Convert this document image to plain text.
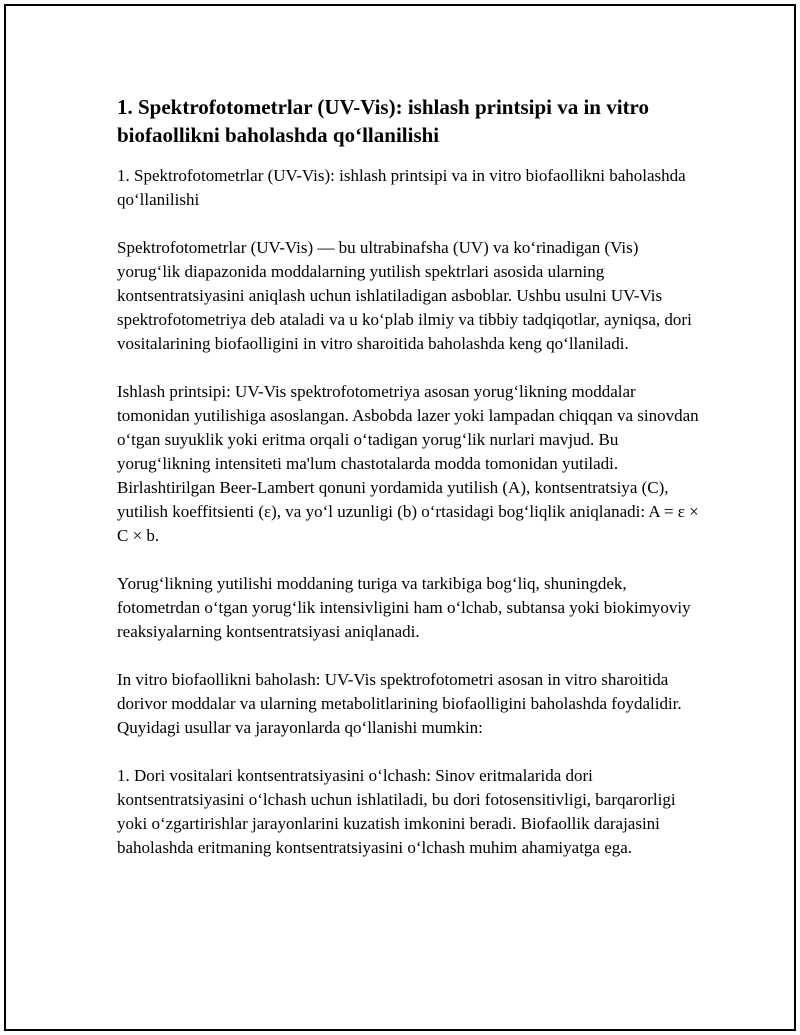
1. Spektrofotometrlar (UV-Vis): ishlash printsipi va in vitro biofaollikni baholashda qo‘llanilishi

1. Spektrofotometrlar (UV-Vis): ishlash printsipi va in vitro biofaollikni baholashda qo‘llanilishi

Spektrofotometrlar (UV-Vis) — bu ultrabinafsha (UV) va ko‘rinadigan (Vis) yorug‘lik diapazonida moddalarning yutilish spektrlari asosida ularning kontsentratsiyasini aniqlash uchun ishlatiladigan asboblar. Ushbu usulni UV-Vis spektrofotometriya deb ataladi va u ko‘plab ilmiy va tibbiy tadqiqotlar, ayniqsa, dori vositalarining biofaolligini in vitro sharoitida baholashda keng qo‘llaniladi.

Ishlash printsipi: UV-Vis spektrofotometriya asosan yorug‘likning moddalar tomonidan yutilishiga asoslangan. Asbobda lazer yoki lampadan chiqqan va sinovdan o‘tgan suyuklik yoki eritma orqali o‘tadigan yorug‘lik nurlari mavjud. Bu yorug‘likning intensiteti ma'lum chastotalarda modda tomonidan yutiladi. Birlashtirilgan Beer-Lambert qonuni yordamida yutilish (A), kontsentratsiya (C), yutilish koeffitsienti (ε), va yo‘l uzunligi (b) o‘rtasidagi bog‘liqlik aniqlanadi: A = ε × C × b.

Yorug‘likning yutilishi moddaning turiga va tarkibiga bog‘liq, shuningdek, fotometrdan o‘tgan yorug‘lik intensivligini ham o‘lchab, subtansa yoki biokimyoviy reaksiyalarning kontsentratsiyasi aniqlanadi.

In vitro biofaollikni baholash: UV-Vis spektrofotometri asosan in vitro sharoitida dorivor moddalar va ularning metabolitlarining biofaolligini baholashda foydalidir. Quyidagi usullar va jarayonlarda qo‘llanishi mumkin:

1. Dori vositalari kontsentratsiyasini o‘lchash: Sinov eritmalarida dori kontsentratsiyasini o‘lchash uchun ishlatiladi, bu dori fotosensitivligi, barqarorligi yoki o‘zgartirishlar jarayonlarini kuzatish imkonini beradi. Biofaollik darajasini baholashda eritmaning kontsentratsiyasini o‘lchash muhim ahamiyatga ega.
